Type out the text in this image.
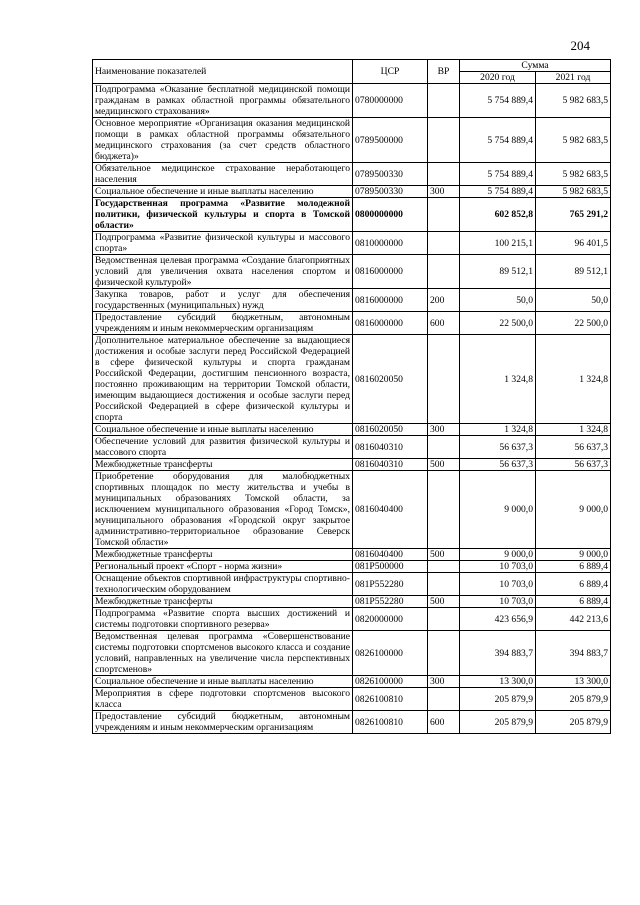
204
Наименование показателей	ЦСР	ВР	Сумма	
			2020 год	2021 год
Подпрограмма «Оказание бесплатной медицинской помощи гражданам в рамках областной программы обязательного медицинского страхования»	0780000000		5 754 889,4	5 982 683,5
Основное мероприятие «Организация оказания медицинской помощи в рамках областной программы обязательного медицинского страхования (за счет средств областного бюджета)»	0789500000		5 754 889,4	5 982 683,5
Обязательное медицинское страхование неработающего населения	0789500330		5 754 889,4	5 982 683,5
Социальное обеспечение и иные выплаты населению	0789500330	300	5 754 889,4	5 982 683,5
Государственная программа «Развитие молодежной политики, физической культуры и спорта в Томской области»	0800000000		602 852,8	765 291,2
Подпрограмма «Развитие физической культуры и массового спорта»	0810000000		100 215,1	96 401,5
Ведомственная целевая программа «Создание благоприятных условий для увеличения охвата населения спортом и физической культурой»	0816000000		89 512,1	89 512,1
Закупка товаров, работ и услуг для обеспечения государственных (муниципальных) нужд	0816000000	200	50,0	50,0
Предоставление субсидий бюджетным, автономным учреждениям и иным некоммерческим организациям	0816000000	600	22 500,0	22 500,0
Дополнительное материальное обеспечение за выдающиеся достижения и особые заслуги перед Российской Федерацией в сфере физической культуры и спорта гражданам Российской Федерации, достигшим пенсионного возраста, постоянно проживающим на территории Томской области, имеющим выдающиеся достижения и особые заслуги перед Российской Федерацией в сфере физической культуры и спорта	0816020050		1 324,8	1 324,8
Социальное обеспечение и иные выплаты населению	0816020050	300	1 324,8	1 324,8
Обеспечение условий для развития физической культуры и массового спорта	0816040310		56 637,3	56 637,3
Межбюджетные трансферты	0816040310	500	56 637,3	56 637,3
Приобретение оборудования для малобюджетных спортивных площадок по месту жительства и учебы в муниципальных образованиях Томской области, за исключением муниципального образования «Город Томск», муниципального образования «Городской округ закрытое административно-территориальное образование Северск Томской области»	0816040400		9 000,0	9 000,0
Межбюджетные трансферты	0816040400	500	9 000,0	9 000,0
Региональный проект «Спорт - норма жизни»	081P500000		10 703,0	6 889,4
Оснащение объектов спортивной инфраструктуры спортивно-технологическим оборудованием	081P552280		10 703,0	6 889,4
Межбюджетные трансферты	081P552280	500	10 703,0	6 889,4
Подпрограмма «Развитие спорта высших достижений и системы подготовки спортивного резерва»	0820000000		423 656,9	442 213,6
Ведомственная целевая программа «Совершенствование системы подготовки спортсменов высокого класса и создание условий, направленных на увеличение числа перспективных спортсменов»	0826100000		394 883,7	394 883,7
Социальное обеспечение и иные выплаты населению	0826100000	300	13 300,0	13 300,0
Мероприятия в сфере подготовки спортсменов высокого класса	0826100810		205 879,9	205 879,9
Предоставление субсидий бюджетным, автономным учреждениям и иным некоммерческим организациям	0826100810	600	205 879,9	205 879,9
